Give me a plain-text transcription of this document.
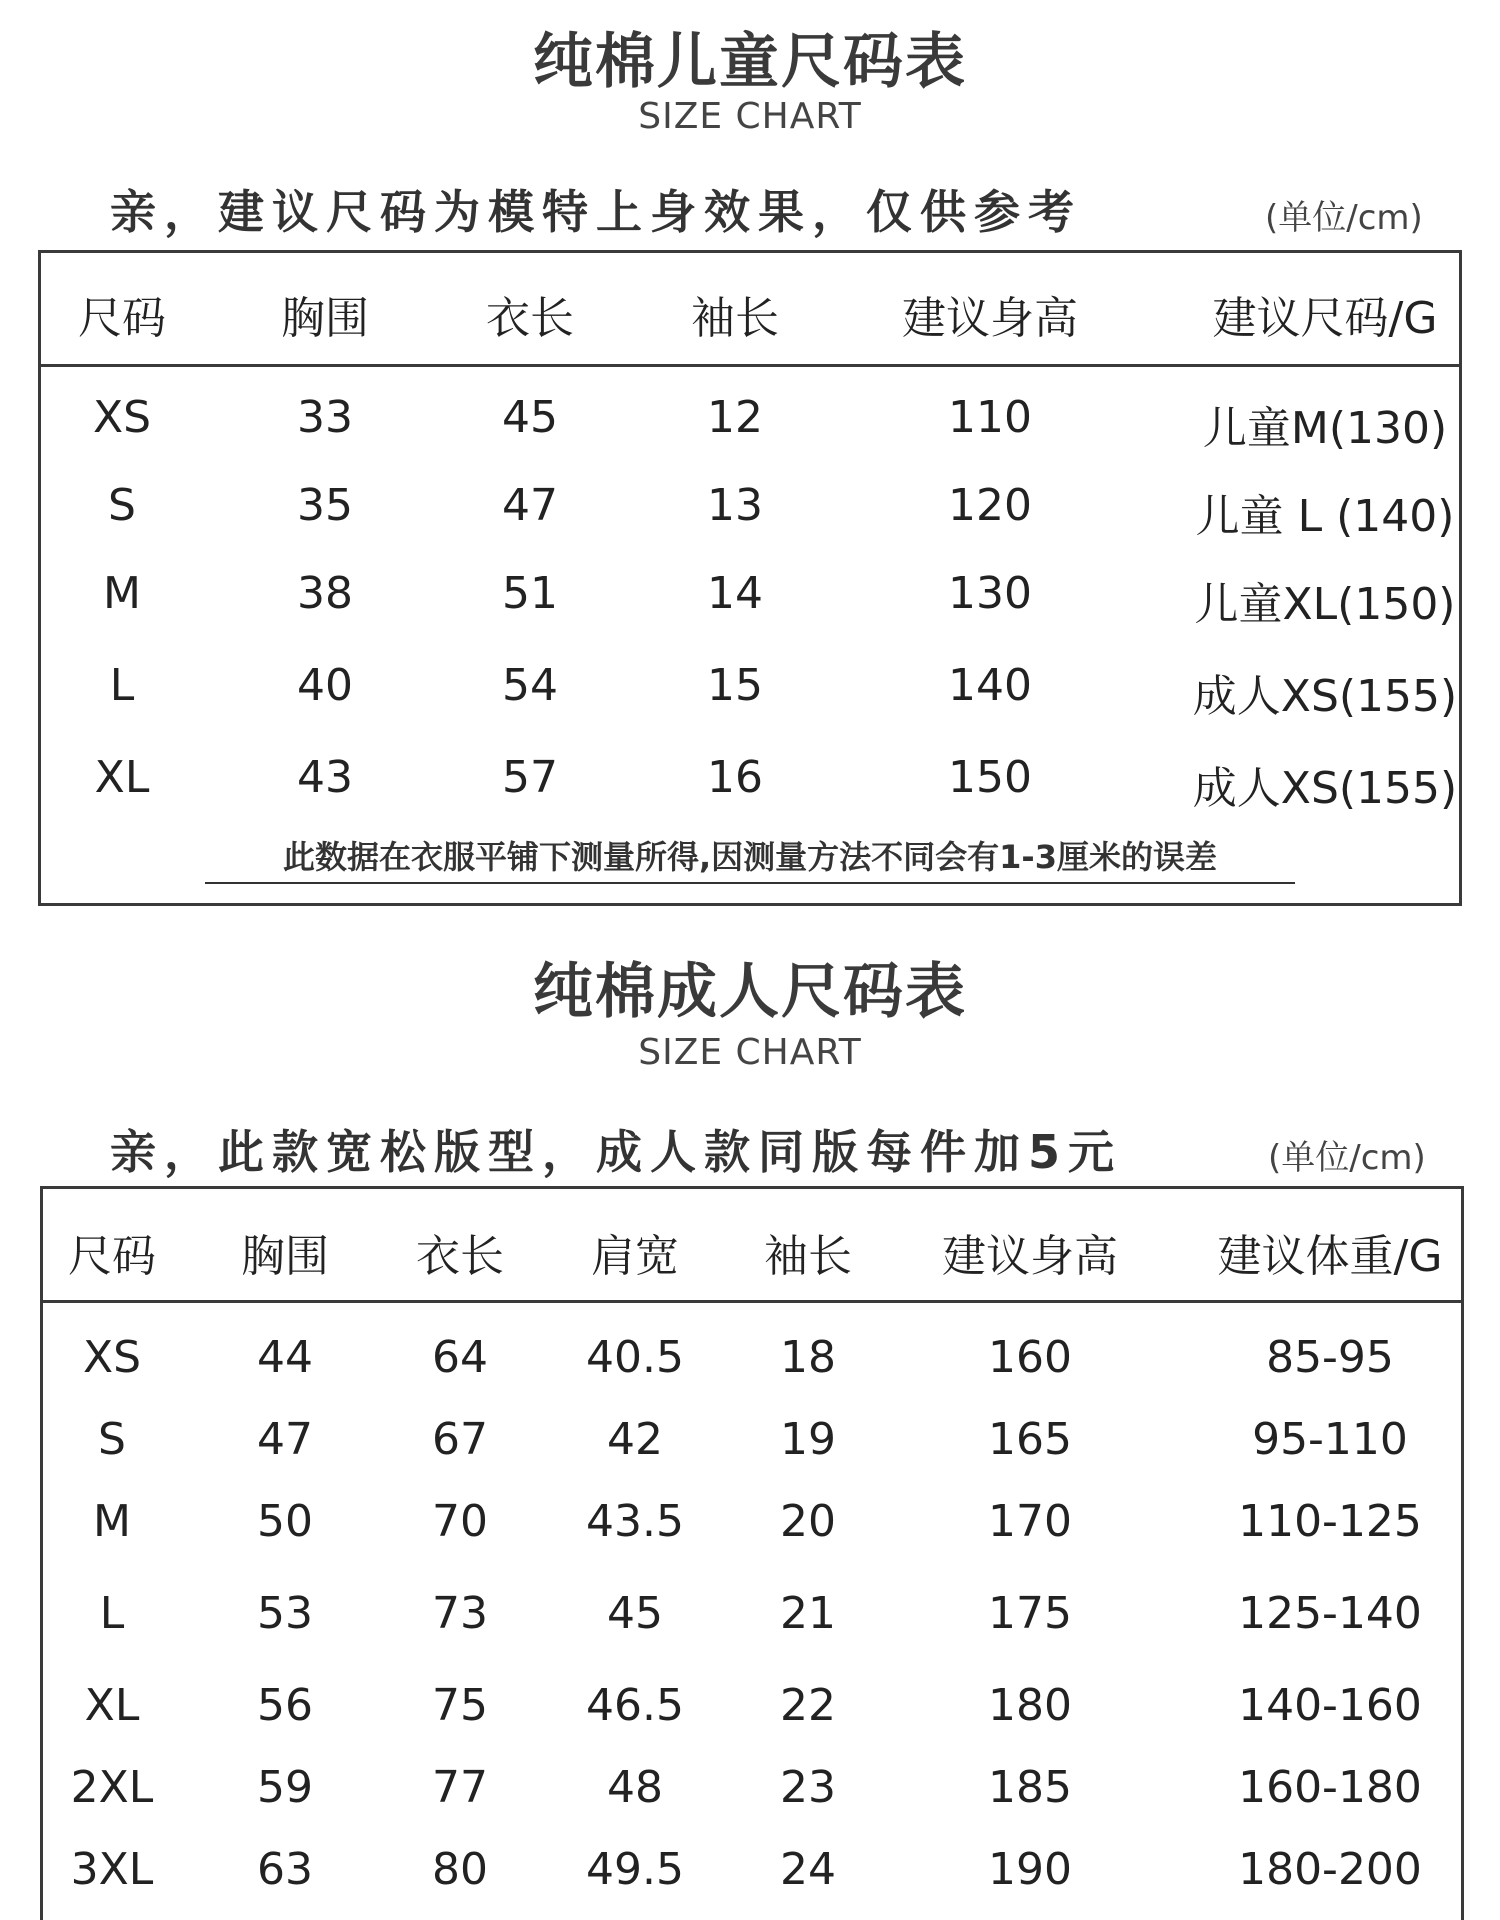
纯棉儿童尺码表
SIZE CHART
亲，建议尺码为模特上身效果，仅供参考	(单位/cm)
尺码	胸围	衣长	袖长	建议身高	建议尺码/G
XS	33	45	12	110	儿童M(130)
S	35	47	13	120	儿童 L (140)
M	38	51	14	130	儿童XL(150)
L	40	54	15	140	成人XS(155)
XL	43	57	16	150	成人XS(155)
此数据在衣服平铺下测量所得,因测量方法不同会有1-3厘米的误差
纯棉成人尺码表
SIZE CHART
亲，此款宽松版型，成人款同版每件加5元	(单位/cm)
尺码 胸围 衣长 肩宽 袖长 建议身高 建议体重/G
XS	44	64 40.5 18	160	85-95
S	47	67	42	19	165	95-110
M	50	70 43.5 20	170	110-125
L	53	73	45	21	175	125-140
XL	56	75 46.5 22	180	140-160
2XL 59	77	48	23	185	160-180
3XL 63	80 49.5 24	190	180-200
